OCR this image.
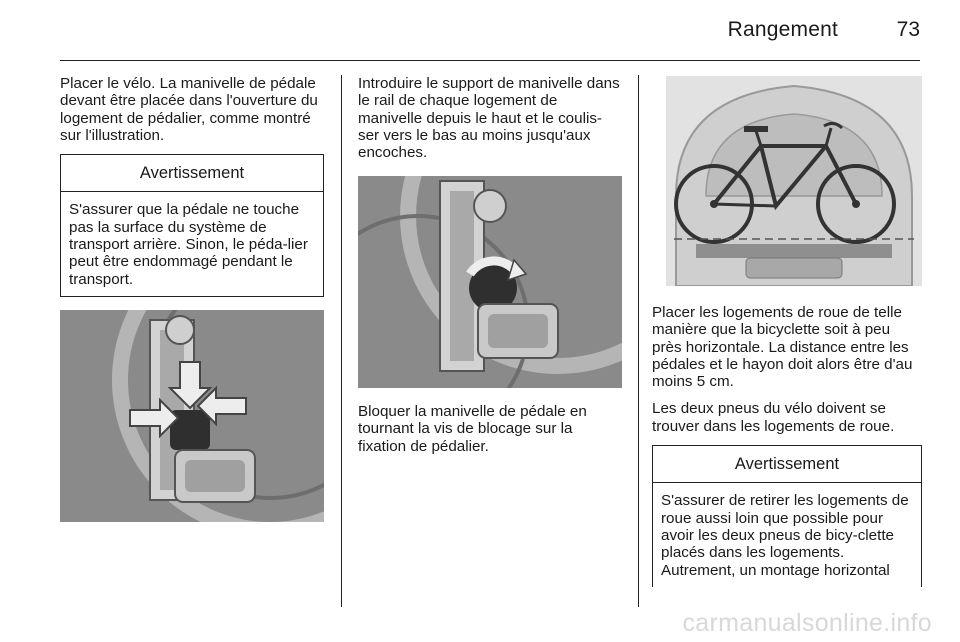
Rangement	73

Placer le vélo. La manivelle de pédale devant être placée dans l'ouverture du logement de pédalier, comme montré sur l'illustration.

Avertissement
S'assurer que la pédale ne touche pas la surface du système de transport arrière. Sinon, le péda-lier peut être endommagé pendant le transport.

Introduire le support de manivelle dans le rail de chaque logement de manivelle depuis le haut et le coulis-ser vers le bas au moins jusqu'aux encoches.

Bloquer la manivelle de pédale en tournant la vis de blocage sur la fixation de pédalier.

Placer les logements de roue de telle manière que la bicyclette soit à peu près horizontale. La distance entre les pédales et le hayon doit alors être d'au moins 5 cm.

Les deux pneus du vélo doivent se trouver dans les logements de roue.

Avertissement
S'assurer de retirer les logements de roue aussi loin que possible pour avoir les deux pneus de bicy-clette placés dans les logements. Autrement, un montage horizontal
carmanualsonline.info
